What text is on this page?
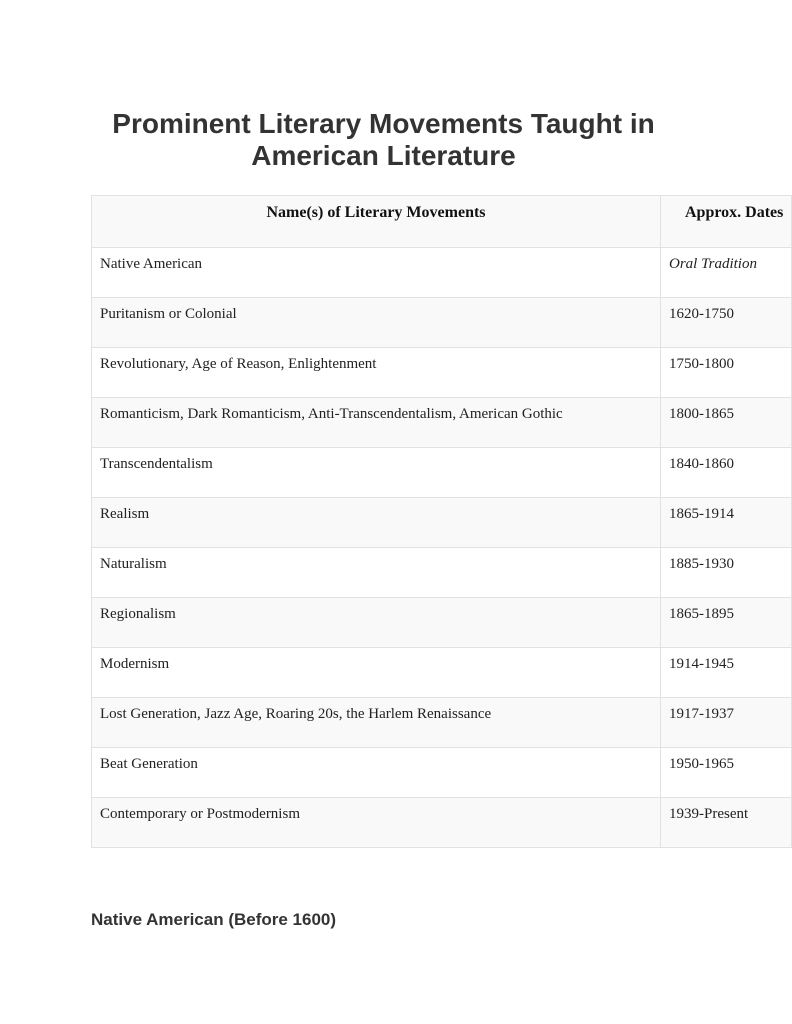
Prominent Literary Movements Taught in American Literature
Name(s) of Literary Movements	Approx. Dates
Native American	Oral Tradition
Puritanism or Colonial	1620-1750
Revolutionary, Age of Reason, Enlightenment	1750-1800
Romanticism, Dark Romanticism, Anti-Transcendentalism, American Gothic	1800-1865
Transcendentalism	1840-1860
Realism	1865-1914
Naturalism	1885-1930
Regionalism	1865-1895
Modernism	1914-1945
Lost Generation, Jazz Age, Roaring 20s, the Harlem Renaissance	1917-1937
Beat Generation	1950-1965
Contemporary or Postmodernism	1939-Present
Native American (Before 1600)
